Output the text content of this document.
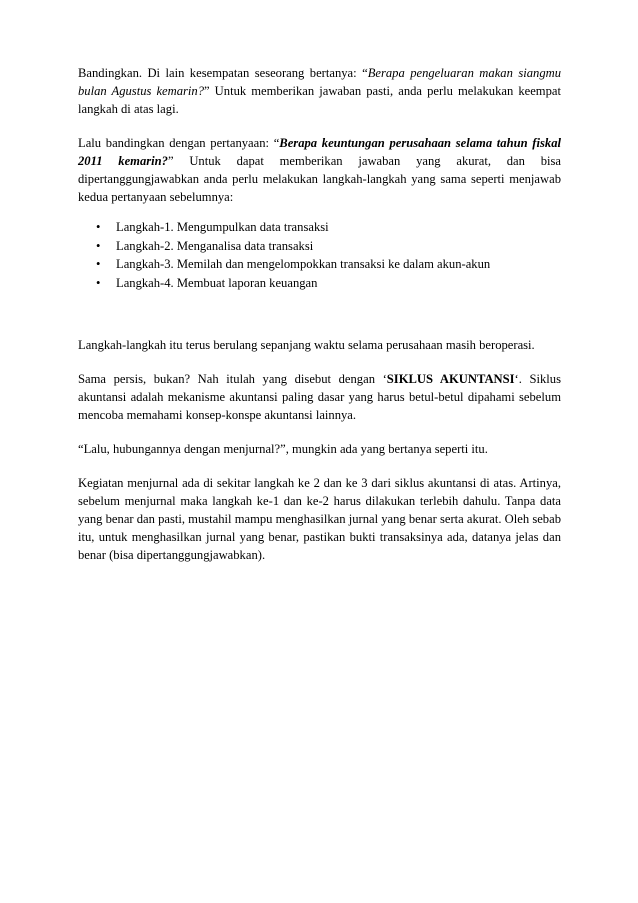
Bandingkan. Di lain kesempatan seseorang bertanya: “Berapa pengeluaran makan siangmu bulan Agustus kemarin?” Untuk memberikan jawaban pasti, anda perlu melakukan keempat langkah di atas lagi.

Lalu bandingkan dengan pertanyaan: “Berapa keuntungan perusahaan selama tahun fiskal 2011 kemarin?” Untuk dapat memberikan jawaban yang akurat, dan bisa dipertanggungjawabkan anda perlu melakukan langkah-langkah yang sama seperti menjawab kedua pertanyaan sebelumnya:

• Langkah-1. Mengumpulkan data transaksi
• Langkah-2. Menganalisa data transaksi
• Langkah-3. Memilah dan mengelompokkan transaksi ke dalam akun-akun
• Langkah-4. Membuat laporan keuangan

Langkah-langkah itu terus berulang sepanjang waktu selama perusahaan masih beroperasi.

Sama persis, bukan? Nah itulah yang disebut dengan ‘SIKLUS AKUNTANSI‘. Siklus akuntansi adalah mekanisme akuntansi paling dasar yang harus betul-betul dipahami sebelum mencoba memahami konsep-konspe akuntansi lainnya.

“Lalu, hubungannya dengan menjurnal?”, mungkin ada yang bertanya seperti itu.

Kegiatan menjurnal ada di sekitar langkah ke 2 dan ke 3 dari siklus akuntansi di atas. Artinya, sebelum menjurnal maka langkah ke-1 dan ke-2 harus dilakukan terlebih dahulu. Tanpa data yang benar dan pasti, mustahil mampu menghasilkan jurnal yang benar serta akurat. Oleh sebab itu, untuk menghasilkan jurnal yang benar, pastikan bukti transaksinya ada, datanya jelas dan benar (bisa dipertanggungjawabkan).
